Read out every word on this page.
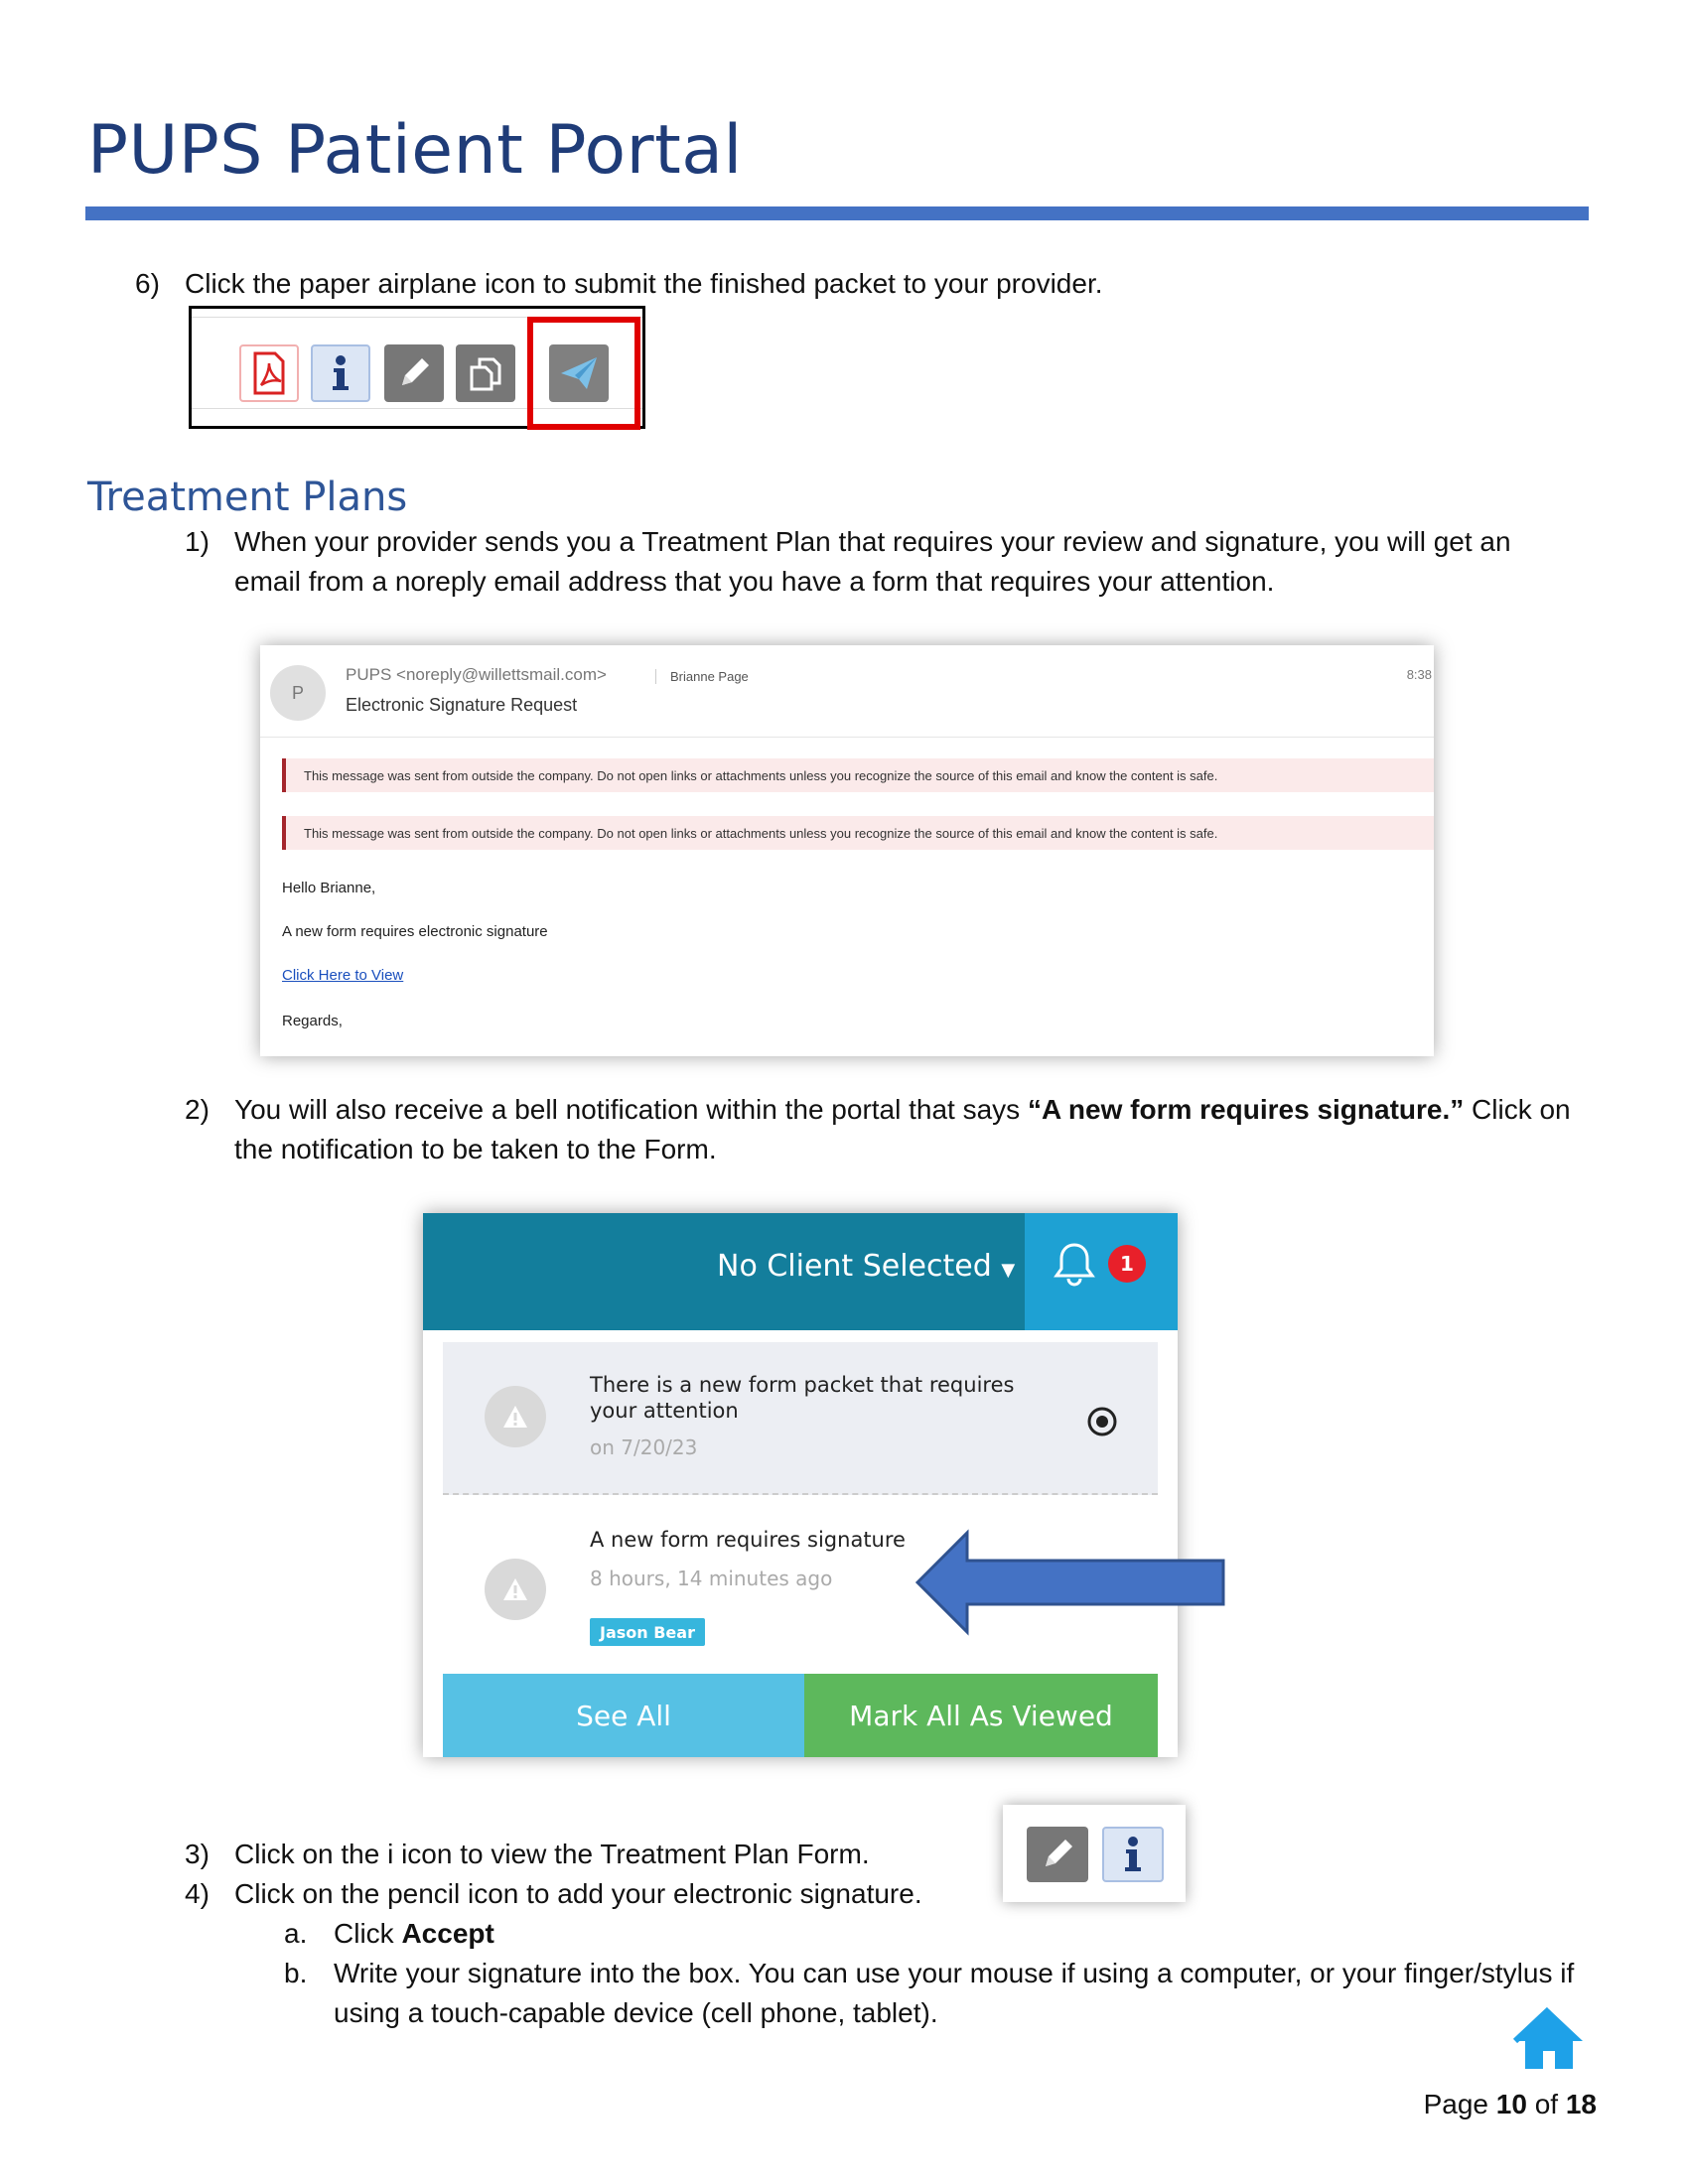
PUPS Patient Portal
6) Click the paper airplane icon to submit the finished packet to your provider.
Treatment Plans
1) When your provider sends you a Treatment Plan that requires your review and signature, you will get an email from a noreply email address that you have a form that requires your attention.
P
PUPS <noreply@willettsmail.com>	Brianne Page	8:38
Electronic Signature Request
This message was sent from outside the company. Do not open links or attachments unless you recognize the source of this email and know the content is safe.
This message was sent from outside the company. Do not open links or attachments unless you recognize the source of this email and know the content is safe.
Hello Brianne,
A new form requires electronic signature
Click Here to View
Regards,
2) You will also receive a bell notification within the portal that says “A new form requires signature.” Click on the notification to be taken to the Form.
No Client Selected ▼	1
There is a new form packet that requires your attention
on 7/20/23
A new form requires signature
8 hours, 14 minutes ago
Jason Bear
See All	Mark All As Viewed
3) Click on the i icon to view the Treatment Plan Form.
4) Click on the pencil icon to add your electronic signature.
a. Click Accept
b. Write your signature into the box. You can use your mouse if using a computer, or your finger/stylus if using a touch-capable device (cell phone, tablet).
Page 10 of 18
